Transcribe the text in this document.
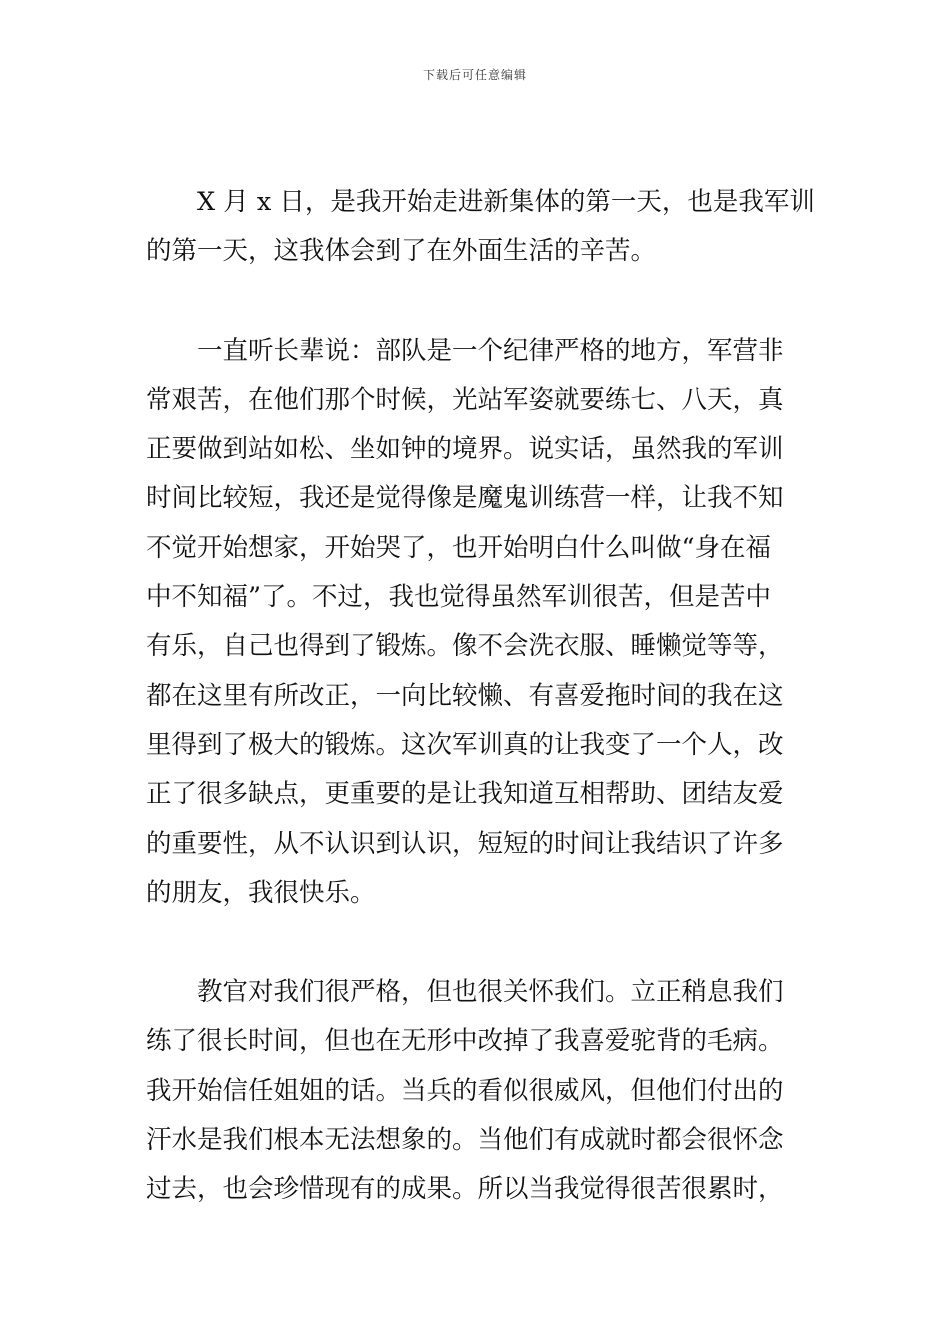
下载后可任意编辑
　　X 月 x 日，是我开始走进新集体的第一天，也是我军训
的第一天，这我体会到了在外面生活的辛苦。
　　一直听长辈说：部队是一个纪律严格的地方，军营非
常艰苦，在他们那个时候，光站军姿就要练七、八天，真
正要做到站如松、坐如钟的境界。说实话，虽然我的军训
时间比较短，我还是觉得像是魔鬼训练营一样，让我不知
不觉开始想家，开始哭了，也开始明白什么叫做“身在福
中不知福”了。不过，我也觉得虽然军训很苦，但是苦中
有乐，自己也得到了锻炼。像不会洗衣服、睡懒觉等等，
都在这里有所改正，一向比较懒、有喜爱拖时间的我在这
里得到了极大的锻炼。这次军训真的让我变了一个人，改
正了很多缺点，更重要的是让我知道互相帮助、团结友爱
的重要性，从不认识到认识，短短的时间让我结识了许多
的朋友，我很快乐。
　　教官对我们很严格，但也很关怀我们。立正稍息我们
练了很长时间，但也在无形中改掉了我喜爱驼背的毛病。
我开始信任姐姐的话。当兵的看似很威风，但他们付出的
汗水是我们根本无法想象的。当他们有成就时都会很怀念
过去，也会珍惜现有的成果。所以当我觉得很苦很累时，
